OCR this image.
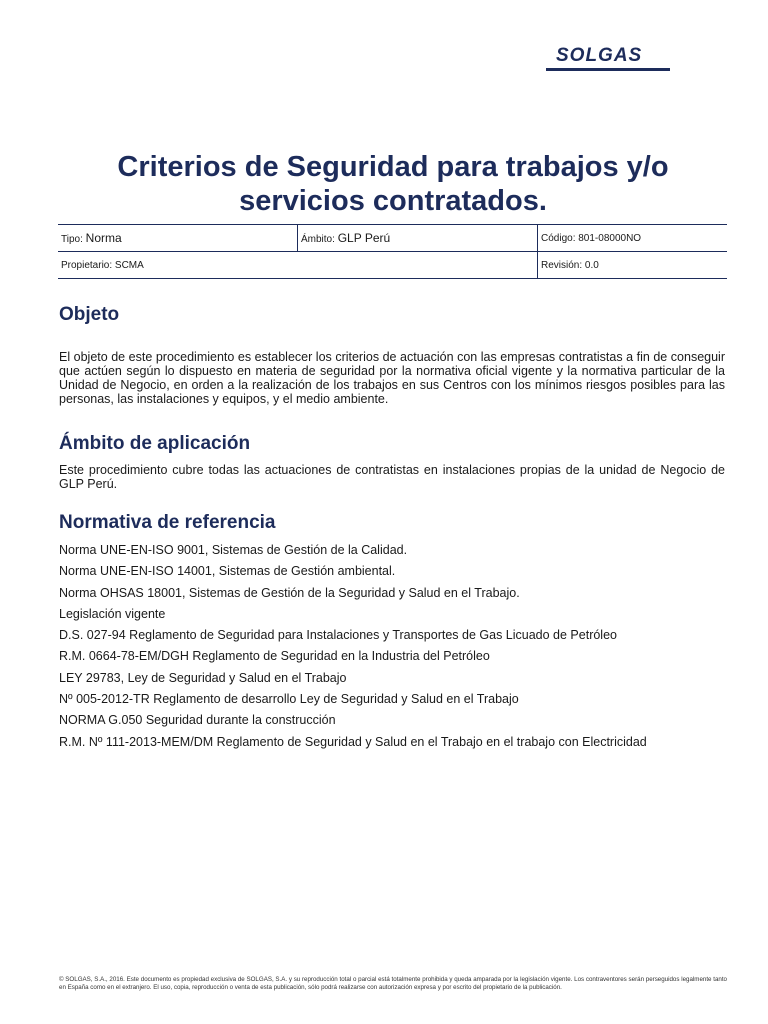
SOLGAS
Criterios de Seguridad para trabajos y/o
servicios contratados.
Tipo: Norma	Ámbito: GLP Perú	Código: 801-08000NO
Propietario: SCMA		Revisión: 0.0
Objeto

El objeto de este procedimiento es establecer los criterios de actuación con las empresas contratistas a fin de conseguir que actúen según lo dispuesto en materia de seguridad por la normativa oficial vigente y la normativa particular de la Unidad de Negocio, en orden a la realización de los trabajos en sus Centros con los mínimos riesgos posibles para las personas, las instalaciones y equipos, y el medio ambiente.

Ámbito de aplicación

Este procedimiento cubre todas las actuaciones de contratistas en instalaciones propias de la unidad de Negocio de GLP Perú.

Normativa de referencia
Norma UNE-EN-ISO 9001, Sistemas de Gestión de la Calidad.
Norma UNE-EN-ISO 14001, Sistemas de Gestión ambiental.
Norma OHSAS 18001, Sistemas de Gestión de la Seguridad y Salud en el Trabajo.
Legislación vigente
D.S. 027-94 Reglamento de Seguridad para Instalaciones y Transportes de Gas Licuado de Petróleo
R.M. 0664-78-EM/DGH Reglamento de Seguridad en la Industria del Petróleo
LEY 29783, Ley de Seguridad y Salud en el Trabajo
Nº 005-2012-TR Reglamento de desarrollo Ley de Seguridad y Salud en el Trabajo
NORMA G.050 Seguridad durante la construcción
R.M. Nº 111-2013-MEM/DM Reglamento de Seguridad y Salud en el Trabajo en el trabajo con Electricidad

© SOLGAS, S.A., 2016. Este documento es propiedad exclusiva de SOLGAS, S.A. y su reproducción total o parcial está totalmente prohibida y queda amparada por la legislación vigente. Los contraventores serán perseguidos legalmente tanto en España como en el extranjero. El uso, copia, reproducción o venta de esta publicación, sólo podrá realizarse con autorización expresa y por escrito del propietario de la publicación.
